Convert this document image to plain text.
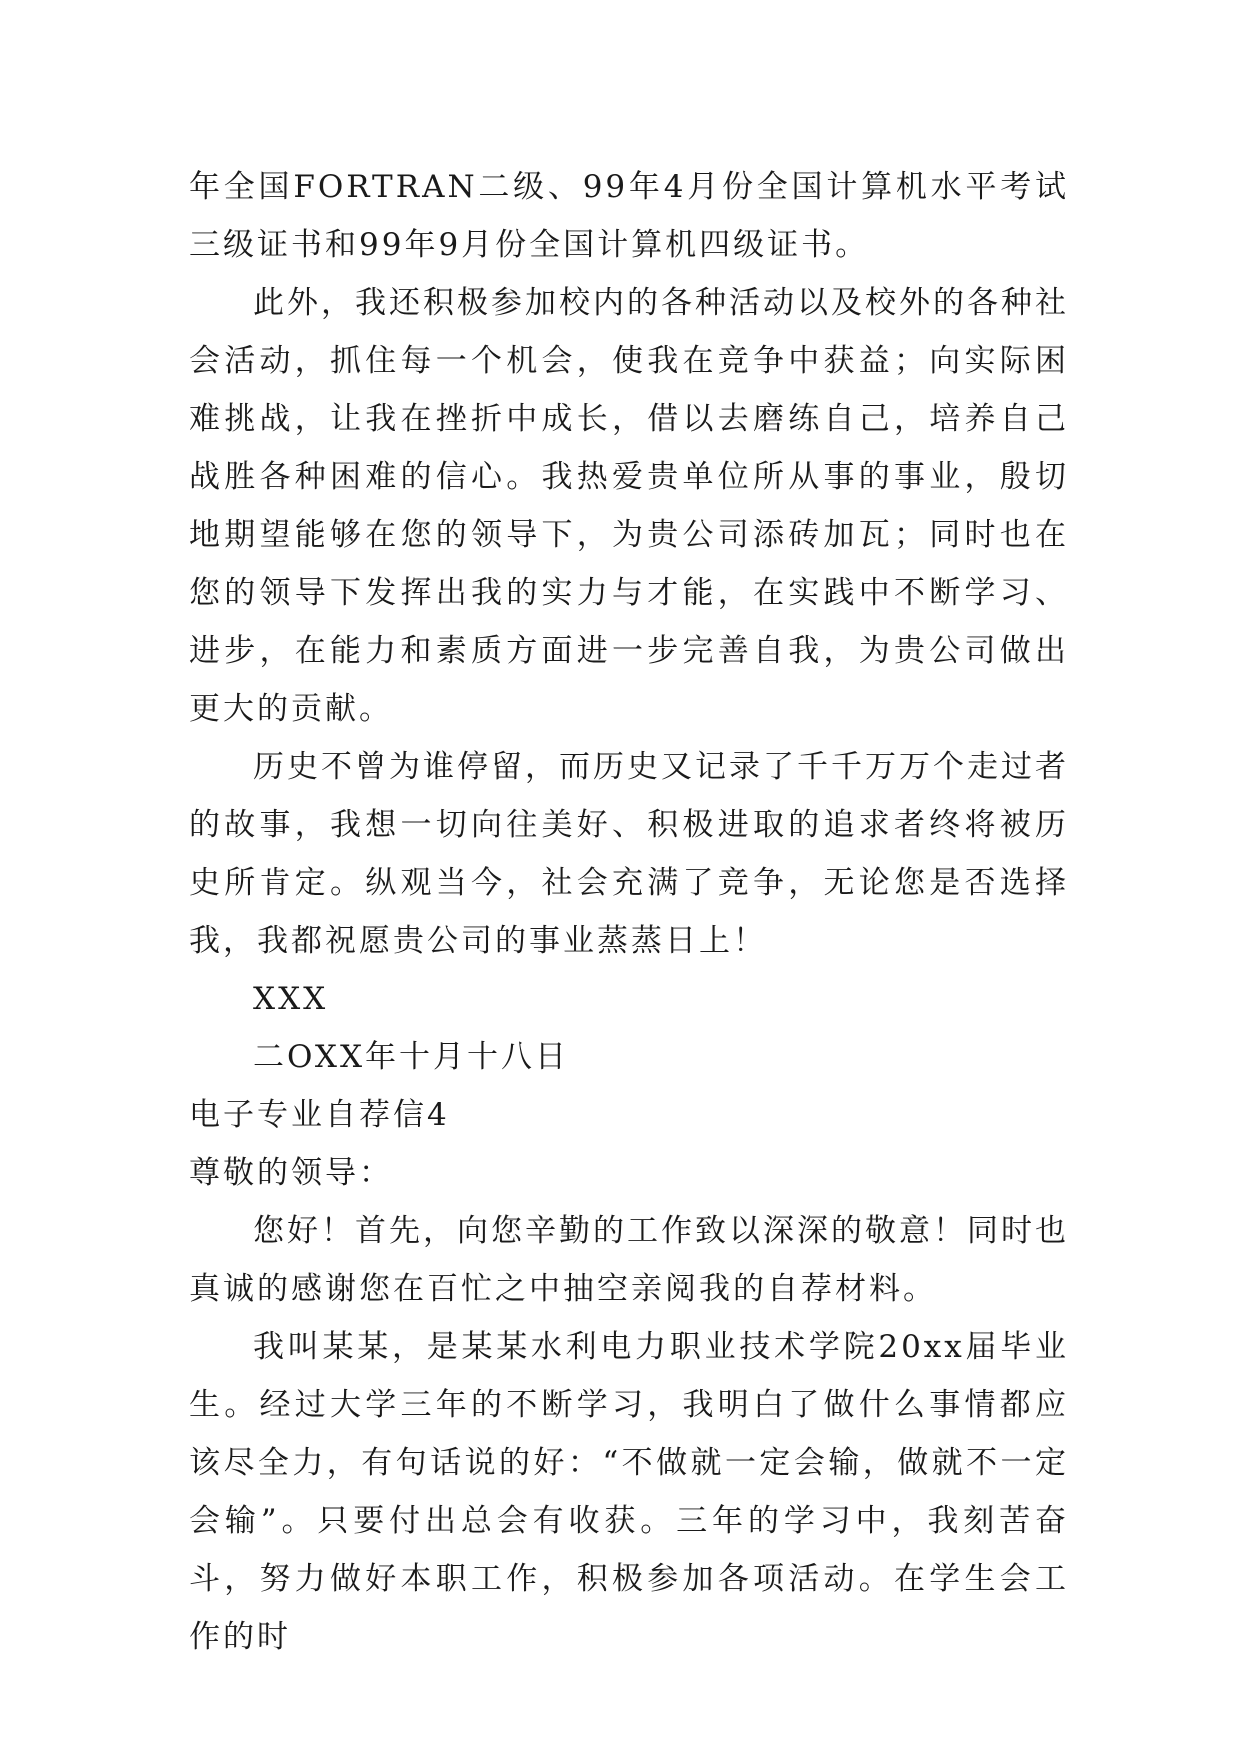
年全国FORTRAN二级、99年4月份全国计算机水平考试三级证书和99年9月份全国计算机四级证书。

此外，我还积极参加校内的各种活动以及校外的各种社会活动，抓住每一个机会，使我在竞争中获益；向实际困难挑战，让我在挫折中成长，借以去磨练自己，培养自己战胜各种困难的信心。我热爱贵单位所从事的事业，殷切地期望能够在您的领导下，为贵公司添砖加瓦；同时也在您的领导下发挥出我的实力与才能，在实践中不断学习、进步，在能力和素质方面进一步完善自我，为贵公司做出更大的贡献。

历史不曾为谁停留，而历史又记录了千千万万个走过者的故事，我想一切向往美好、积极进取的追求者终将被历史所肯定。纵观当今，社会充满了竞争，无论您是否选择我，我都祝愿贵公司的事业蒸蒸日上！

XXX

二OXX年十月十八日

电子专业自荐信4

尊敬的领导：

您好！首先，向您辛勤的工作致以深深的敬意！同时也真诚的感谢您在百忙之中抽空亲阅我的自荐材料。

我叫某某，是某某水利电力职业技术学院20xx届毕业生。经过大学三年的不断学习，我明白了做什么事情都应该尽全力，有句话说的好：“不做就一定会输，做就不一定会输”。只要付出总会有收获。三年的学习中，我刻苦奋斗，努力做好本职工作，积极参加各项活动。在学生会工作的时
